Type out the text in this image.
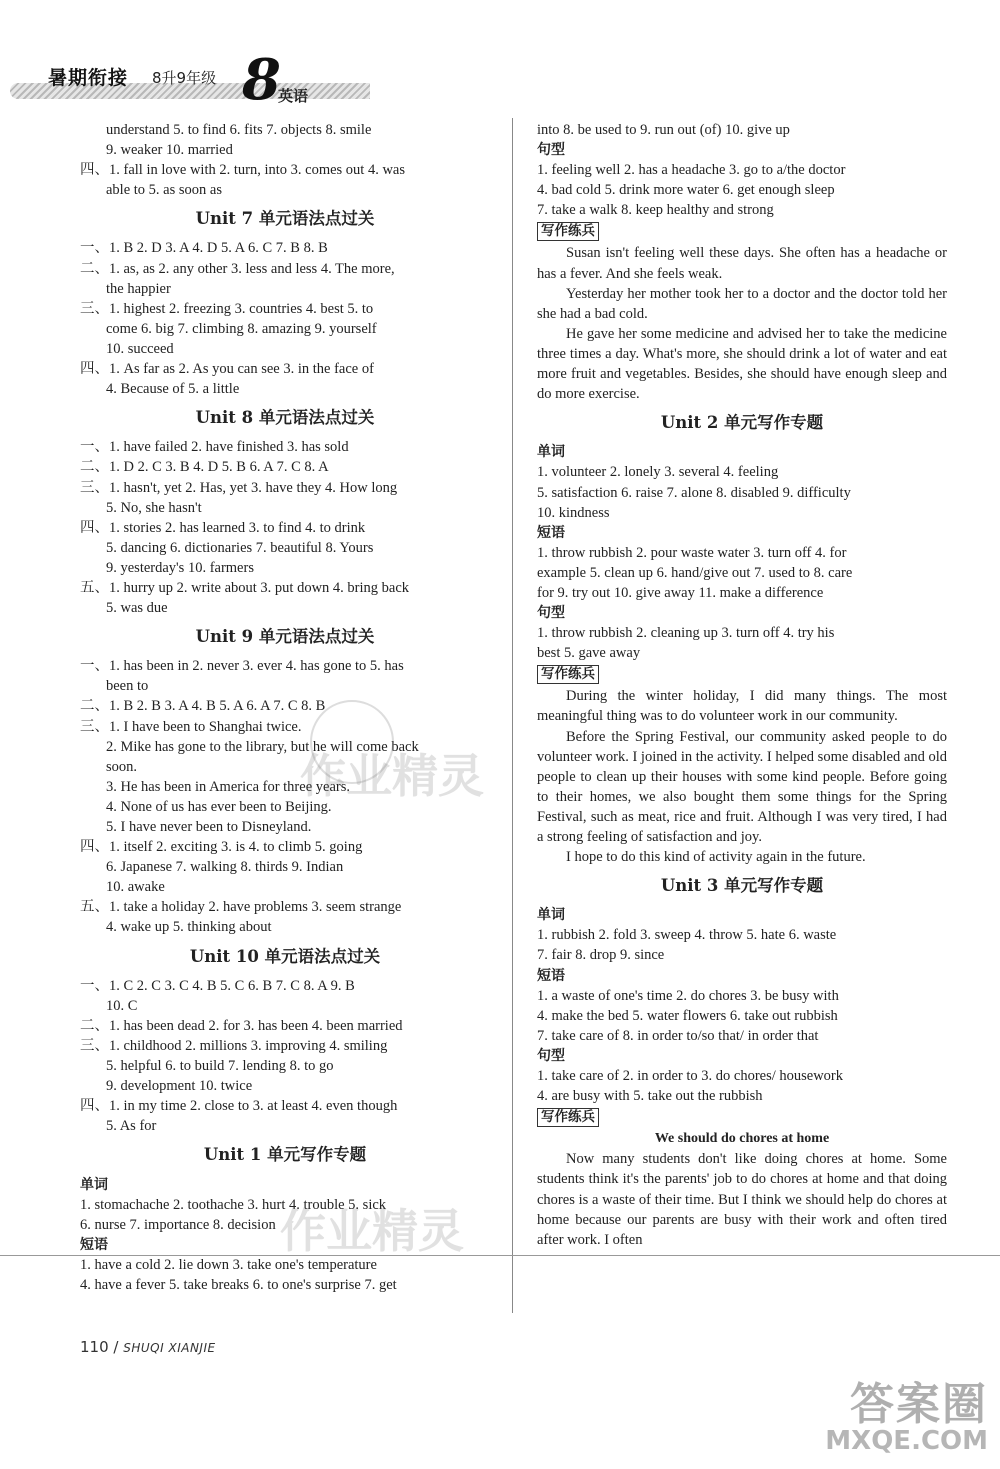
暑期衔接 8升9年级 8
英语
understand 5. to find 6. fits 7. objects 8. smile
9. weaker 10. married
四、1. fall in love with 2. turn, into 3. comes out 4. was
able to 5. as soon as
Unit 7 单元语法点过关
一、1. B 2. D 3. A 4. D 5. A 6. C 7. B 8. B
二、1. as, as 2. any other 3. less and less 4. The more,
the happier
三、1. highest 2. freezing 3. countries 4. best 5. to
come 6. big 7. climbing 8. amazing 9. yourself
10. succeed
四、1. As far as 2. As you can see 3. in the face of
4. Because of 5. a little
Unit 8 单元语法点过关
一、1. have failed 2. have finished 3. has sold
二、1. D 2. C 3. B 4. D 5. B 6. A 7. C 8. A
三、1. hasn't, yet 2. Has, yet 3. have they 4. How long
5. No, she hasn't
四、1. stories 2. has learned 3. to find 4. to drink
5. dancing 6. dictionaries 7. beautiful 8. Yours
9. yesterday's 10. farmers
五、1. hurry up 2. write about 3. put down 4. bring back
5. was due
Unit 9 单元语法点过关
一、1. has been in 2. never 3. ever 4. has gone to 5. has
been to
二、1. B 2. B 3. A 4. B 5. A 6. A 7. C 8. B
三、1. I have been to Shanghai twice.
2. Mike has gone to the library, but he will come back
soon.
3. He has been in America for three years.
4. None of us has ever been to Beijing.
5. I have never been to Disneyland.
四、1. itself 2. exciting 3. is 4. to climb 5. going
6. Japanese 7. walking 8. thirds 9. Indian
10. awake
五、1. take a holiday 2. have problems 3. seem strange
4. wake up 5. thinking about
Unit 10 单元语法点过关
一、1. C 2. C 3. C 4. B 5. C 6. B 7. C 8. A 9. B
10. C
二、1. has been dead 2. for 3. has been 4. been married
三、1. childhood 2. millions 3. improving 4. smiling
5. helpful 6. to build 7. lending 8. to go
9. development 10. twice
四、1. in my time 2. close to 3. at least 4. even though
5. As for
Unit 1 单元写作专题
单词
1. stomachache 2. toothache 3. hurt 4. trouble 5. sick
6. nurse 7. importance 8. decision
短语
1. have a cold 2. lie down 3. take one's temperature
4. have a fever 5. take breaks 6. to one's surprise 7. get
into 8. be used to 9. run out (of) 10. give up
句型
1. feeling well 2. has a headache 3. go to a/the doctor
4. bad cold 5. drink more water 6. get enough sleep
7. take a walk 8. keep healthy and strong
写作练兵
Susan isn't feeling well these days. She often has a headache or has a fever. And she feels weak.
Yesterday her mother took her to a doctor and the doctor told her she had a bad cold.
He gave her some medicine and advised her to take the medicine three times a day. What's more, she should drink a lot of water and eat more fruit and vegetables. Besides, she should have enough sleep and do more exercise.
Unit 2 单元写作专题
单词
1. volunteer 2. lonely 3. several 4. feeling
5. satisfaction 6. raise 7. alone 8. disabled 9. difficulty
10. kindness
短语
1. throw rubbish 2. pour waste water 3. turn off 4. for
example 5. clean up 6. hand/give out 7. used to 8. care
for 9. try out 10. give away 11. make a difference
句型
1. throw rubbish 2. cleaning up 3. turn off 4. try his
best 5. gave away
写作练兵
During the winter holiday, I did many things. The most meaningful thing was to do volunteer work in our community.
Before the Spring Festival, our community asked people to do volunteer work. I joined in the activity. I helped some disabled and old people to clean up their houses with some kind people. Before going to their homes, we also bought them some things for the Spring Festival, such as meat, rice and fruit. Although I was very tired, I had a strong feeling of satisfaction and joy.
I hope to do this kind of activity again in the future.
Unit 3 单元写作专题
单词
1. rubbish 2. fold 3. sweep 4. throw 5. hate 6. waste
7. fair 8. drop 9. since
短语
1. a waste of one's time 2. do chores 3. be busy with
4. make the bed 5. water flowers 6. take out rubbish
7. take care of 8. in order to/so that/ in order that
句型
1. take care of 2. in order to 3. do chores/ housework
4. are busy with 5. take out the rubbish
写作练兵
We should do chores at home
Now many students don't like doing chores at home. Some students think it's the parents' job to do chores at home and that doing chores is a waste of their time. But I think we should help do chores at home because our parents are busy with their work and often tired after work. I often
110 / SHUQI XIANJIE
作业精灵
作业精灵
答案圈
MXQE.COM
